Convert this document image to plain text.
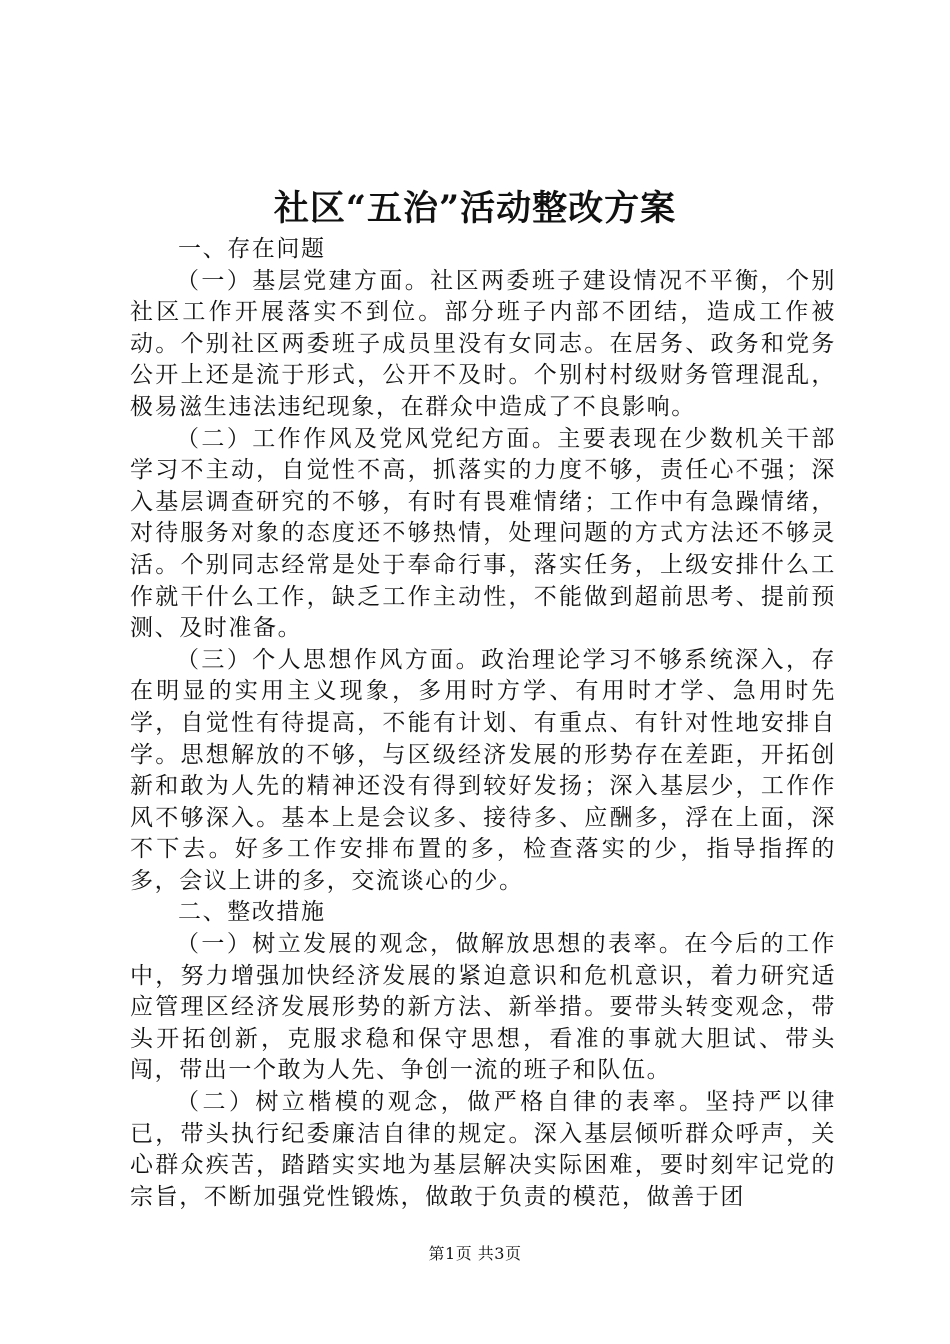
社区“五治”活动整改方案

一、存在问题

（一）基层党建方面。社区两委班子建设情况不平衡，个别社区工作开展落实不到位。部分班子内部不团结，造成工作被动。个别社区两委班子成员里没有女同志。在居务、政务和党务公开上还是流于形式，公开不及时。个别村村级财务管理混乱，极易滋生违法违纪现象，在群众中造成了不良影响。

（二）工作作风及党风党纪方面。主要表现在少数机关干部学习不主动，自觉性不高，抓落实的力度不够，责任心不强；深入基层调查研究的不够，有时有畏难情绪；工作中有急躁情绪，对待服务对象的态度还不够热情，处理问题的方式方法还不够灵活。个别同志经常是处于奉命行事，落实任务，上级安排什么工作就干什么工作，缺乏工作主动性，不能做到超前思考、提前预测、及时准备。

（三）个人思想作风方面。政治理论学习不够系统深入，存在明显的实用主义现象，多用时方学、有用时才学、急用时先学，自觉性有待提高，不能有计划、有重点、有针对性地安排自学。思想解放的不够，与区级经济发展的形势存在差距，开拓创新和敢为人先的精神还没有得到较好发扬；深入基层少，工作作风不够深入。基本上是会议多、接待多、应酬多，浮在上面，深不下去。好多工作安排布置的多，检查落实的少，指导指挥的多，会议上讲的多，交流谈心的少。

二、整改措施

（一）树立发展的观念，做解放思想的表率。在今后的工作中，努力增强加快经济发展的紧迫意识和危机意识，着力研究适应管理区经济发展形势的新方法、新举措。要带头转变观念，带头开拓创新，克服求稳和保守思想，看准的事就大胆试、带头闯，带出一个敢为人先、争创一流的班子和队伍。

（二）树立楷模的观念，做严格自律的表率。坚持严以律已，带头执行纪委廉洁自律的规定。深入基层倾听群众呼声，关心群众疾苦，踏踏实实地为基层解决实际困难，要时刻牢记党的宗旨，不断加强党性锻炼，做敢于负责的模范，做善于团

第1页 共3页
